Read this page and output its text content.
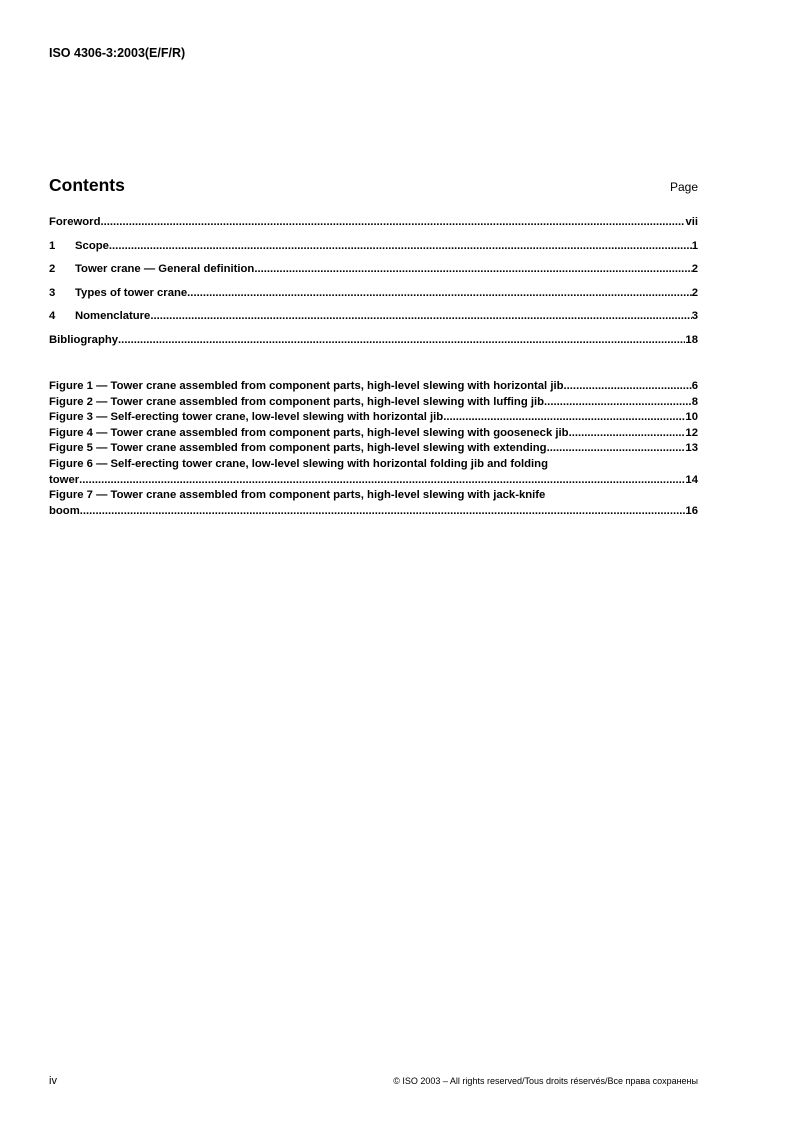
ISO 4306-3:2003(E/F/R)
Contents	Page
Foreword .....	vii
1	Scope .....	1
2	Tower crane — General definition .....	2
3	Types of tower crane .....	2
4	Nomenclature .....	3
Bibliography .....	18
Figure 1 — Tower crane assembled from component parts, high-level slewing with horizontal jib .....	6
Figure 2 — Tower crane assembled from component parts, high-level slewing with luffing jib .....	8
Figure 3 — Self-erecting tower crane, low-level slewing with horizontal jib .....	10
Figure 4 — Tower crane assembled from component parts, high-level slewing with gooseneck jib .....	12
Figure 5 — Tower crane assembled from component parts, high-level slewing with extending .....	13
Figure 6 — Self-erecting tower crane, low-level slewing with horizontal folding jib and folding
tower .....	14
Figure 7 — Tower crane assembled from component parts, high-level slewing with jack-knife
boom .....	16
iv	© ISO 2003 – All rights reserved/Tous droits réservés/Все права сохранены
